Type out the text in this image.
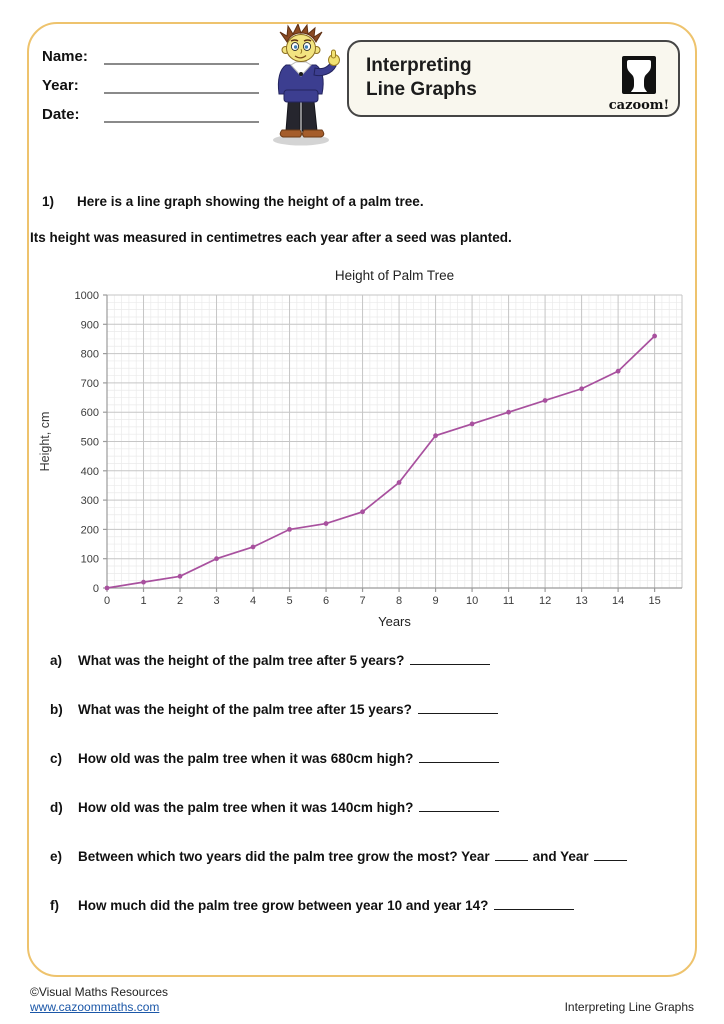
Name:
Year:
Date:
Interpreting
Line Graphs
cazoom!
1) Here is a line graph showing the height of a palm tree.
Its height was measured in centimetres each year after a seed was planted.
0	1	2	3	4	5	6	7	8	9 10 11 12 13 14 15
0
100
200
300
400
500
600
700
800
900
1000
Height of Palm Tree
Years
Height, cm
a) What was the height of the palm tree after 5 years?
b) What was the height of the palm tree after 15 years?
c) How old was the palm tree when it was 680cm high?
d) How old was the palm tree when it was 140cm high?
e) Between which two years did the palm tree grow the most? Year	and Year
f) How much did the palm tree grow between year 10 and year 14?
©Visual Maths Resources
www.cazoommaths.com	Interpreting Line Graphs
